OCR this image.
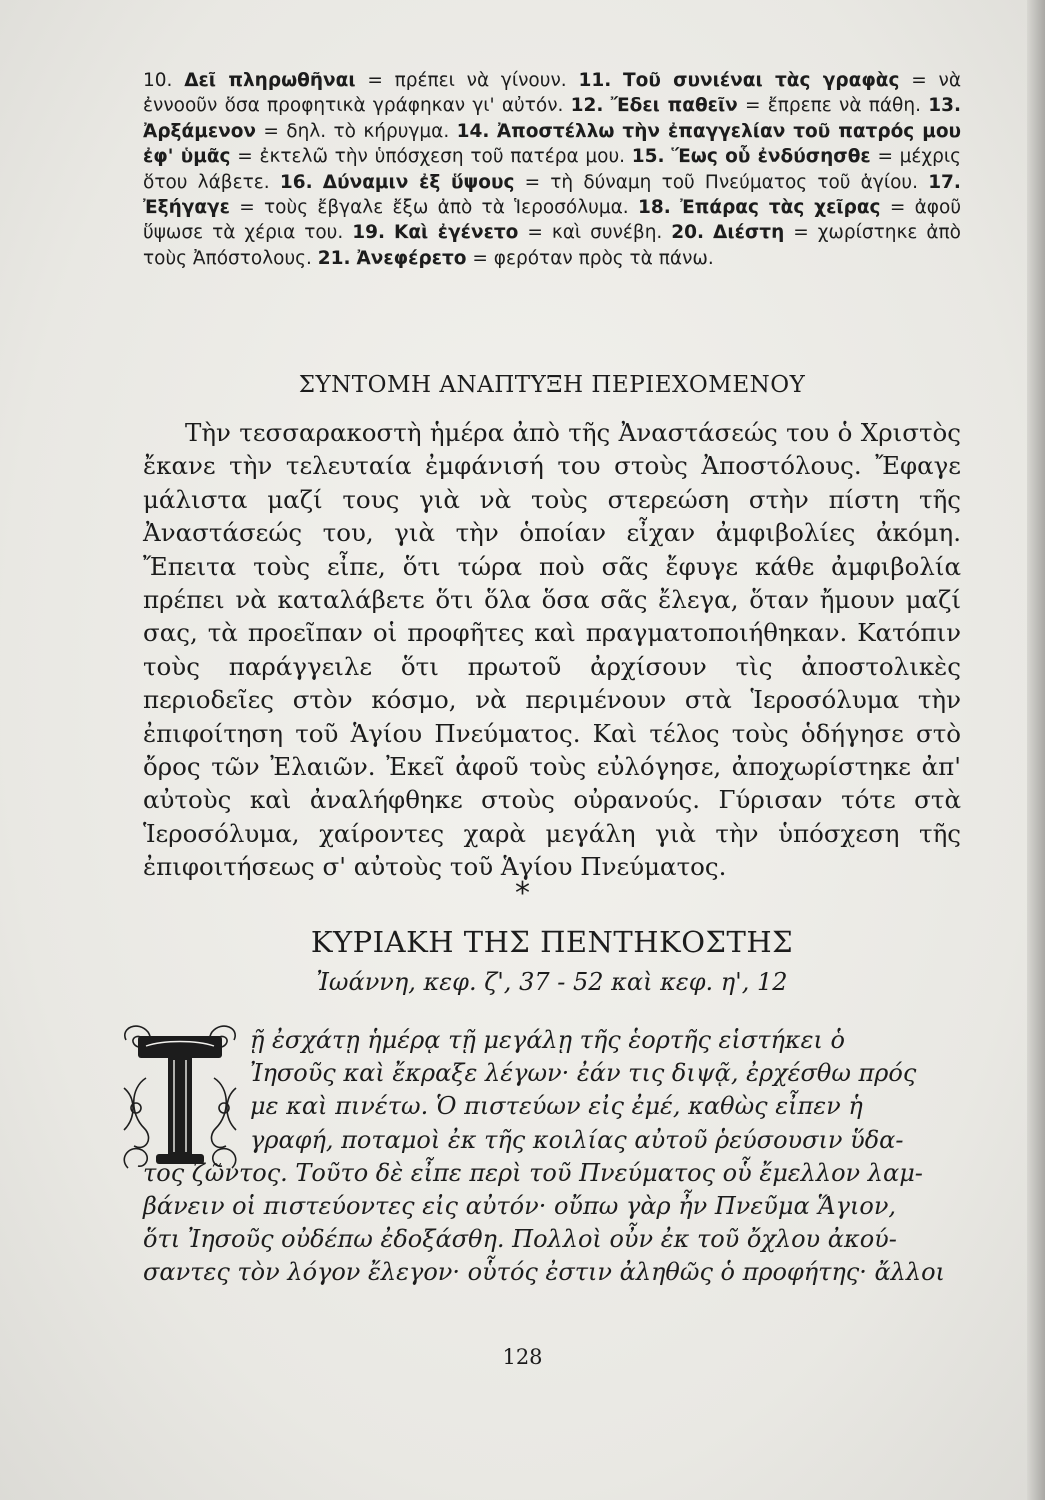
10. Δεῖ πληρωθῆναι = πρέπει νὰ γίνουν. 11. Τοῦ συνιέναι τὰς γραφὰς = νὰ ἐννοοῦν ὅσα προφητικὰ γράφηκαν γι' αὐτόν. 12. Ἔδει παθεῖν = ἔπρεπε νὰ πάθη. 13. Ἀρξάμενον = δηλ. τὸ κήρυγμα. 14. Ἀποστέλλω τὴν ἐπαγγελίαν τοῦ πατρός μου ἐφ' ὑμᾶς = ἐκτελῶ τὴν ὑπόσχεση τοῦ πατέρα μου. 15. Ἕως οὗ ἐνδύσησθε = μέχρις ὅτου λάβετε. 16. Δύναμιν ἐξ ὕψους = τὴ δύναμη τοῦ Πνεύματος τοῦ ἁγίου. 17. Ἐξήγαγε = τοὺς ἔβγαλε ἔξω ἀπὸ τὰ Ἱεροσόλυμα. 18. Ἐπάρας τὰς χεῖρας = ἀφοῦ ὕψωσε τὰ χέρια του. 19. Καὶ ἐγένετο = καὶ συνέβη. 20. Διέστη = χωρίστηκε ἀπὸ τοὺς Ἀπόστολους. 21. Ἀνεφέρετο = φερόταν πρὸς τὰ πάνω.
ΣΥΝΤΟΜΗ ΑΝΑΠΤΥΞΗ ΠΕΡΙΕΧΟΜΕΝΟΥ

Τὴν τεσσαρακοστὴ ἡμέρα ἀπὸ τῆς Ἀναστάσεώς του ὁ Χριστὸς ἔκανε τὴν τελευταία ἐμφάνισή του στοὺς Ἀποστόλους. Ἔφαγε μάλιστα μαζί τους γιὰ νὰ τοὺς στερεώση στὴν πίστη τῆς Ἀναστάσεώς του, γιὰ τὴν ὁποίαν εἶχαν ἀμφιβολίες ἀκόμη. Ἔπειτα τοὺς εἶπε, ὅτι τώρα ποὺ σᾶς ἔφυγε κάθε ἀμφιβολία πρέπει νὰ καταλάβετε ὅτι ὅλα ὅσα σᾶς ἔλεγα, ὅταν ἤμουν μαζί σας, τὰ προεῖπαν οἱ προφῆτες καὶ πραγματοποιήθηκαν. Κατόπιν τοὺς παράγγειλε ὅτι πρωτοῦ ἀρχίσουν τὶς ἀποστολικὲς περιοδεῖες στὸν κόσμο, νὰ περιμένουν στὰ Ἱεροσόλυμα τὴν ἐπιφοίτηση τοῦ Ἁγίου Πνεύματος. Καὶ τέλος τοὺς ὁδήγησε στὸ ὄρος τῶν Ἐλαιῶν. Ἐκεῖ ἀφοῦ τοὺς εὐλόγησε, ἀποχωρίστηκε ἀπ' αὐτοὺς καὶ ἀναλήφθηκε στοὺς οὐρανούς. Γύρισαν τότε στὰ Ἱεροσόλυμα, χαίροντες χαρὰ μεγάλη γιὰ τὴν ὑπόσχεση τῆς ἐπιφοιτήσεως σ' αὐτοὺς τοῦ Ἁγίου Πνεύματος.

*
ΚΥΡΙΑΚΗ ΤΗΣ ΠΕΝΤΗΚΟΣΤΗΣ
Ἰωάννη, κεφ. ζ', 37 - 52 καὶ κεφ. η', 12
ῇ ἐσχάτῃ ἡμέρᾳ τῇ μεγάλῃ τῆς ἑορτῆς εἱστήκει ὁ
Ἰησοῦς καὶ ἔκραξε λέγων· ἐάν τις διψᾷ, ἐρχέσθω πρός
με καὶ πινέτω. Ὁ πιστεύων εἰς ἐμέ, καθὼς εἶπεν ἡ
γραφή, ποταμοὶ ἐκ τῆς κοιλίας αὐτοῦ ῥεύσουσιν ὕδα-
τος ζῶντος. Τοῦτο δὲ εἶπε περὶ τοῦ Πνεύματος οὗ ἔμελλον λαμ-
βάνειν οἱ πιστεύοντες εἰς αὐτόν· οὔπω γὰρ ἦν Πνεῦμα Ἅγιον,
ὅτι Ἰησοῦς οὐδέπω ἐδοξάσθη. Πολλοὶ οὖν ἐκ τοῦ ὄχλου ἀκού-
σαντες τὸν λόγον ἔλεγον· οὗτός ἐστιν ἀληθῶς ὁ προφήτης· ἄλλοι
128
